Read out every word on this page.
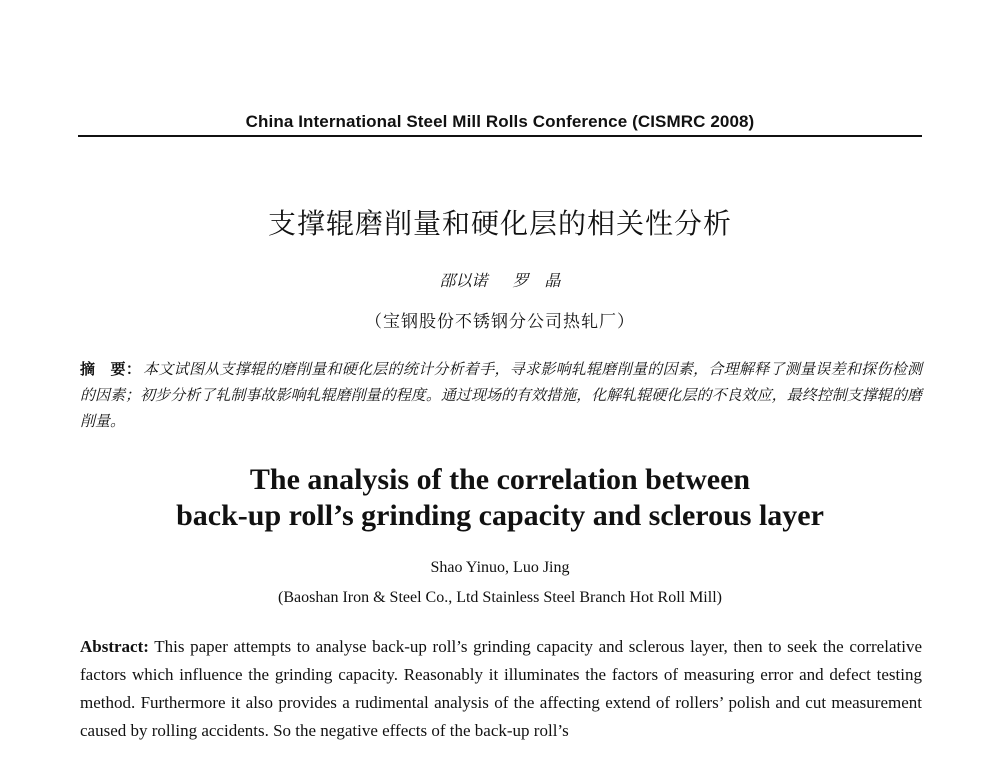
China International Steel Mill Rolls Conference (CISMRC 2008)
支撑辊磨削量和硬化层的相关性分析
邵以诺 罗　晶
（宝钢股份不锈钢分公司热轧厂）
摘　要： 本文试图从支撑辊的磨削量和硬化层的统计分析着手，寻求影响轧辊磨削量的因素，合理解释了测量误差和探伤检测的因素；初步分析了轧制事故影响轧辊磨削量的程度。通过现场的有效措施，化解轧辊硬化层的不良效应，最终控制支撑辊的磨削量。
The analysis of the correlation between
back-up roll’s grinding capacity and sclerous layer
Shao Yinuo, Luo Jing
(Baoshan Iron & Steel Co., Ltd Stainless Steel Branch Hot Roll Mill)
Abstract: This paper attempts to analyse back-up roll’s grinding capacity and sclerous layer, then to seek the correlative factors which influence the grinding capacity. Reasonably it illuminates the factors of measuring error and defect testing method. Furthermore it also provides a rudimental analysis of the affecting extend of rollers’ polish and cut measurement caused by rolling accidents. So the negative effects of the back-up roll’s
